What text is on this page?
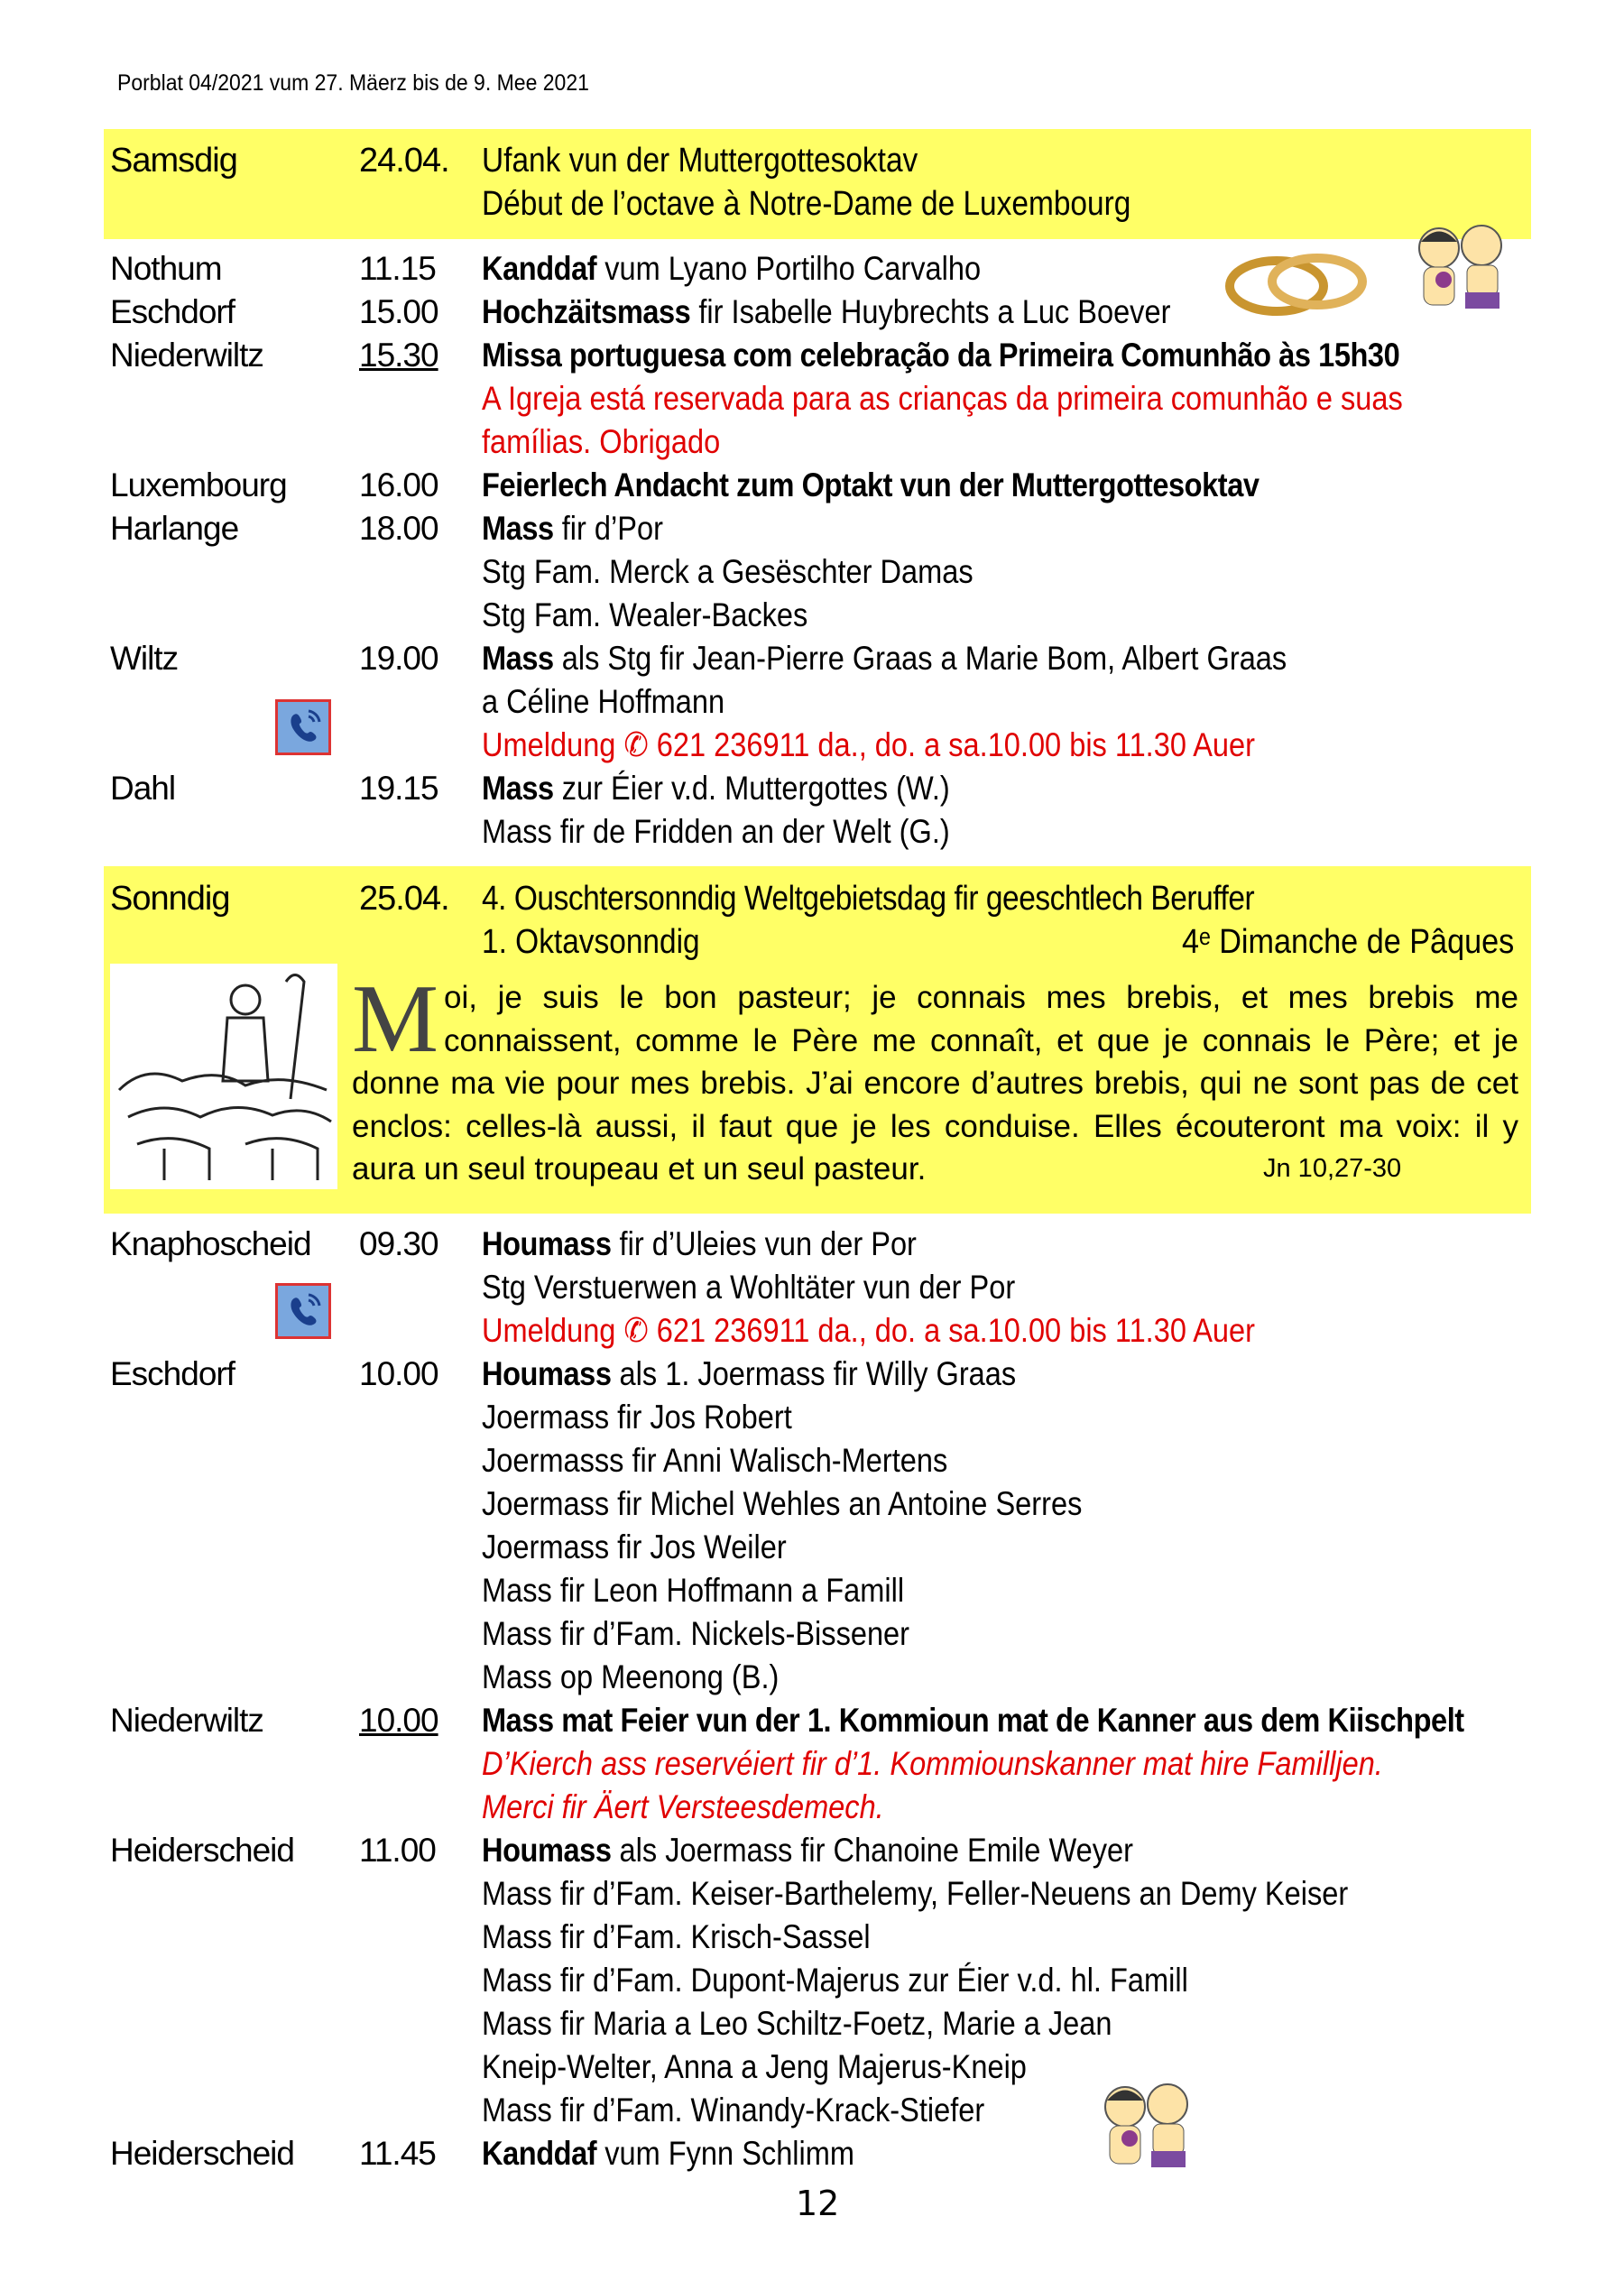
Porblat 04/2021 vum 27. Mäerz bis de 9. Mee 2021
Samsdig	24.04. Ufank vun der Muttergottesoktav
Début de l’octave à Notre-Dame de Luxembourg
Nothum	11.15 Kanddaf vum Lyano Portilho Carvalho
Eschdorf	15.00 Hochzäitsmass fir Isabelle Huybrechts a Luc Boever
Niederwiltz	15.30 Missa portuguesa com celebração da Primeira Comunhão às 15h30
A Igreja está reservada para as crianças da primeira comunhão e suas
famílias. Obrigado
Luxembourg 16.00 Feierlech Andacht zum Optakt vun der Muttergottesoktav
Harlange	18.00 Mass fir d’Por
Stg Fam. Merck a Gesëschter Damas
Stg Fam. Wealer-Backes
Wiltz	19.00 Mass als Stg fir Jean-Pierre Graas a Marie Bom, Albert Graas
a Céline Hoffmann
Umeldung ✆ 621 236911 da., do. a sa.10.00 bis 11.30 Auer
Dahl	19.15 Mass zur Éier v.d. Muttergottes (W.)
Mass fir de Fridden an der Welt (G.)
Sonndig	25.04. 4. Ouschtersonndig Weltgebietsdag fir geeschtlech Beruffer
1. Oktavsonndig	4ᵉ Dimanche de Pâques
Moi, je suis le bon pasteur; je connais mes brebis, et mes brebis me connaissent, comme le Père me connaît, et que je connais le Père; et je donne ma vie pour mes brebis. J’ai encore d’autres brebis, qui ne sont pas de cet enclos: celles-là aussi, il faut que je les conduise. Elles écouteront ma voix: il y aura un seul troupeau et un seul pasteur.	Jn 10,27-30
Knaphoscheid 09.30 Houmass fir d’Uleies vun der Por
Stg Verstuerwen a Wohltäter vun der Por
Umeldung ✆ 621 236911 da., do. a sa.10.00 bis 11.30 Auer
Eschdorf	10.00 Houmass als 1. Joermass fir Willy Graas
Joermass fir Jos Robert
Joermasss fir Anni Walisch-Mertens
Joermass fir Michel Wehles an Antoine Serres
Joermass fir Jos Weiler
Mass fir Leon Hoffmann a Famill
Mass fir d’Fam. Nickels-Bissener
Mass op Meenong (B.)
Niederwiltz	10.00 Mass mat Feier vun der 1. Kommioun mat de Kanner aus dem Kiischpelt
D’Kierch ass reservéiert fir d’1. Kommiounskanner mat hire Familljen.
Merci fir Äert Versteesdemech.
Heiderscheid 11.00 Houmass als Joermass fir Chanoine Emile Weyer
Mass fir d’Fam. Keiser-Barthelemy, Feller-Neuens an Demy Keiser
Mass fir d’Fam. Krisch-Sassel
Mass fir d’Fam. Dupont-Majerus zur Éier v.d. hl. Famill
Mass fir Maria a Leo Schiltz-Foetz, Marie a Jean
Kneip-Welter, Anna a Jeng Majerus-Kneip
Mass fir d’Fam. Winandy-Krack-Stiefer
Heiderscheid 11.45 Kanddaf vum Fynn Schlimm
12
